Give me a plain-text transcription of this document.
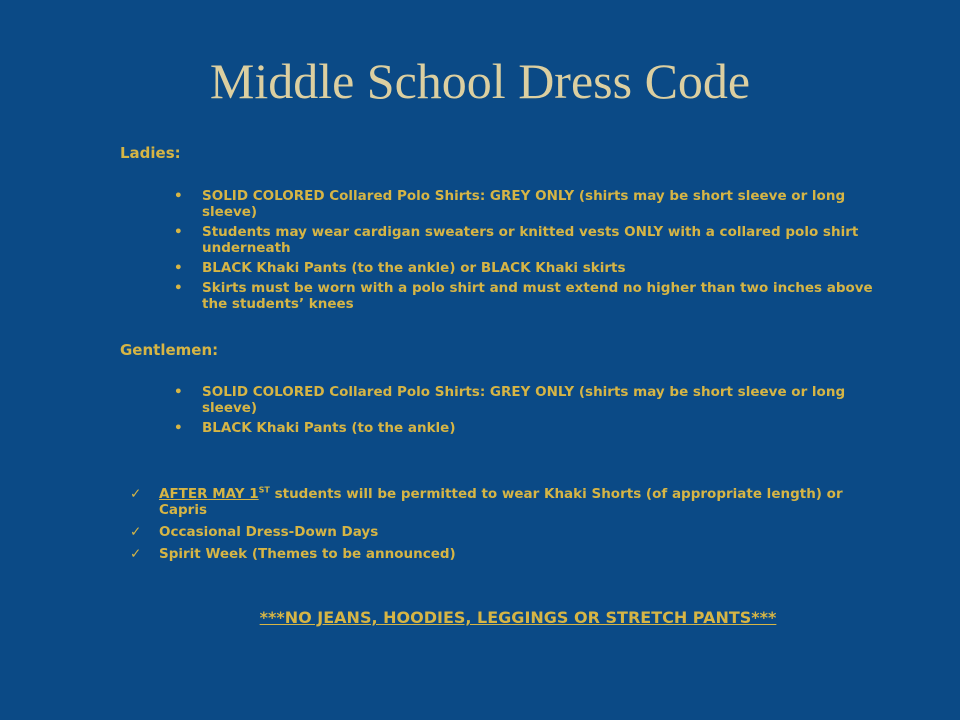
Middle School Dress Code
Ladies:
• SOLID COLORED Collared Polo Shirts: GREY ONLY (shirts may be short sleeve or long sleeve)
• Students may wear cardigan sweaters or knitted vests ONLY with a collared polo shirt underneath
• BLACK Khaki Pants (to the ankle) or BLACK Khaki skirts
• Skirts must be worn with a polo shirt and must extend no higher than two inches above the students’ knees
Gentlemen:
• SOLID COLORED Collared Polo Shirts: GREY ONLY (shirts may be short sleeve or long sleeve)
• BLACK Khaki Pants (to the ankle)
✓ AFTER MAY 1ST students will be permitted to wear Khaki Shorts (of appropriate length) or Capris
✓ Occasional Dress-Down Days
✓ Spirit Week (Themes to be announced)
***NO JEANS, HOODIES, LEGGINGS OR STRETCH PANTS***
